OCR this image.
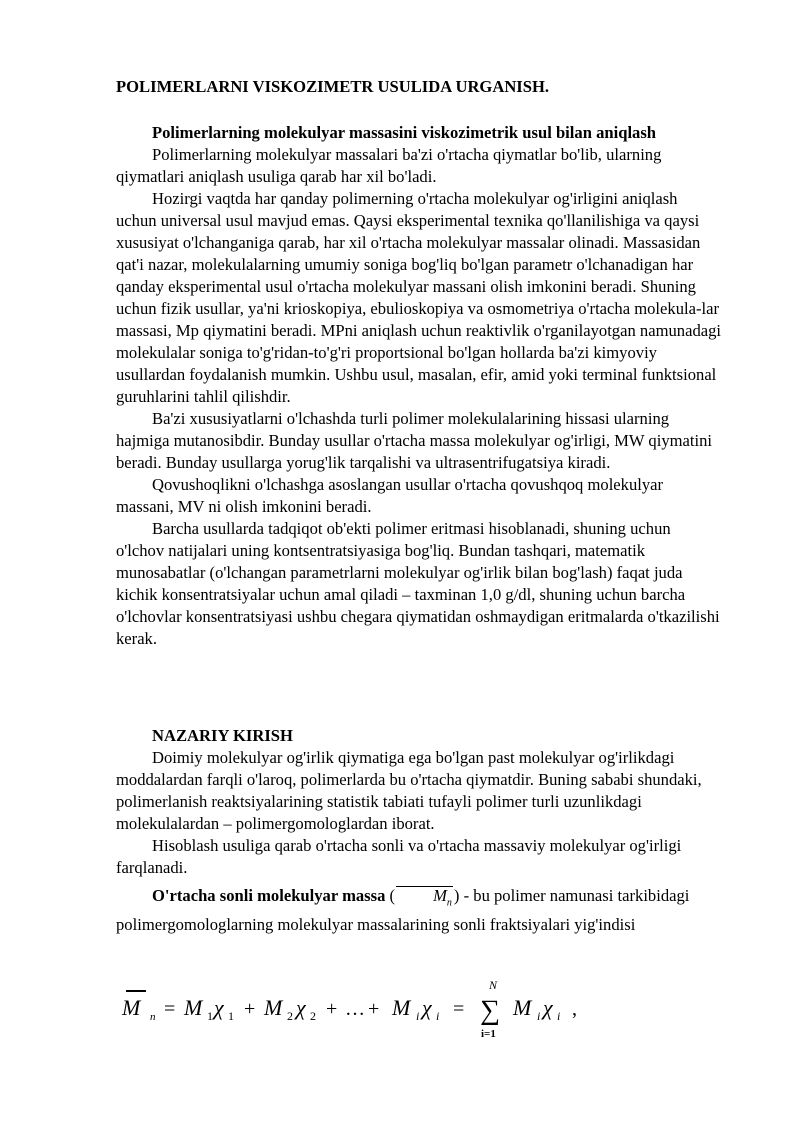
POLIMERLARNI VISKOZIMETR USULIDA URGANISH.

Polimerlarning molekulyar massasini viskozimetrik usul bilan aniqlash

Polimerlarning molekulyar massalari ba'zi o'rtacha qiymatlar bo'lib, ularning qiymatlari aniqlash usuliga qarab har xil bo'ladi.

Hozirgi vaqtda har qanday polimerning o'rtacha molekulyar og'irligini aniqlash uchun universal usul mavjud emas. Qaysi eksperimental texnika qo'llanilishiga va qaysi xususiyat o'lchanganiga qarab, har xil o'rtacha molekulyar massalar olinadi. Massasidan qat'i nazar, molekulalarning umumiy soniga bog'liq bo'lgan parametr o'lchanadigan har qanday eksperimental usul o'rtacha molekulyar massani olish imkonini beradi. Shuning uchun fizik usullar, ya'ni krioskopiya, ebulioskopiya va osmometriya o'rtacha molekula-lar massasi, Mp qiymatini beradi. MPni aniqlash uchun reaktivlik o'rganilayotgan namunadagi molekulalar soniga to'g'ridan-to'g'ri proportsional bo'lgan hollarda ba'zi kimyoviy usullardan foydalanish mumkin. Ushbu usul, masalan, efir, amid yoki terminal funktsional guruhlarini tahlil qilishdir.

Ba'zi xususiyatlarni o'lchashda turli polimer molekulalarining hissasi ularning hajmiga mutanosibdir. Bunday usullar o'rtacha massa molekulyar og'irligi, MW qiymatini beradi. Bunday usullarga yorug'lik tarqalishi va ultrasentrifugatsiya kiradi.

Qovushoqlikni o'lchashga asoslangan usullar o'rtacha qovushqoq molekulyar massani, MV ni olish imkonini beradi.

Barcha usullarda tadqiqot ob'ekti polimer eritmasi hisoblanadi, shuning uchun o'lchov natijalari uning kontsentratsiyasiga bog'liq. Bundan tashqari, matematik munosabatlar (o'lchangan parametrlarni molekulyar og'irlik bilan bog'lash) faqat juda kichik konsentratsiyalar uchun amal qiladi – taxminan 1,0 g/dl, shuning uchun barcha o'lchovlar konsentratsiyasi ushbu chegara qiymatidan oshmaydigan eritmalarda o'tkazilishi kerak.

NAZARIY KIRISH

Doimiy molekulyar og'irlik qiymatiga ega bo'lgan past molekulyar og'irlikdagi moddalardan farqli o'laroq, polimerlarda bu o'rtacha qiymatdir. Buning sababi shundaki, polimerlanish reaktsiyalarining statistik tabiati tufayli polimer turli uzunlikdagi molekulalardan – polimergomologlardan iborat.

Hisoblash usuliga qarab o'rtacha sonli va o'rtacha massaviy molekulyar og'irligi farqlanadi.

O'rtacha sonli molekulyar massa ( $M_n$ ) - bu polimer namunasi tarkibidagi polimergomologlarning molekulyar massalarining sonli fraktsiyalari yig'indisi

M n = M 1 χ 1 + M 2 χ 2 + … + M i χ i =
N
∑
i=1
M i χ i ,
